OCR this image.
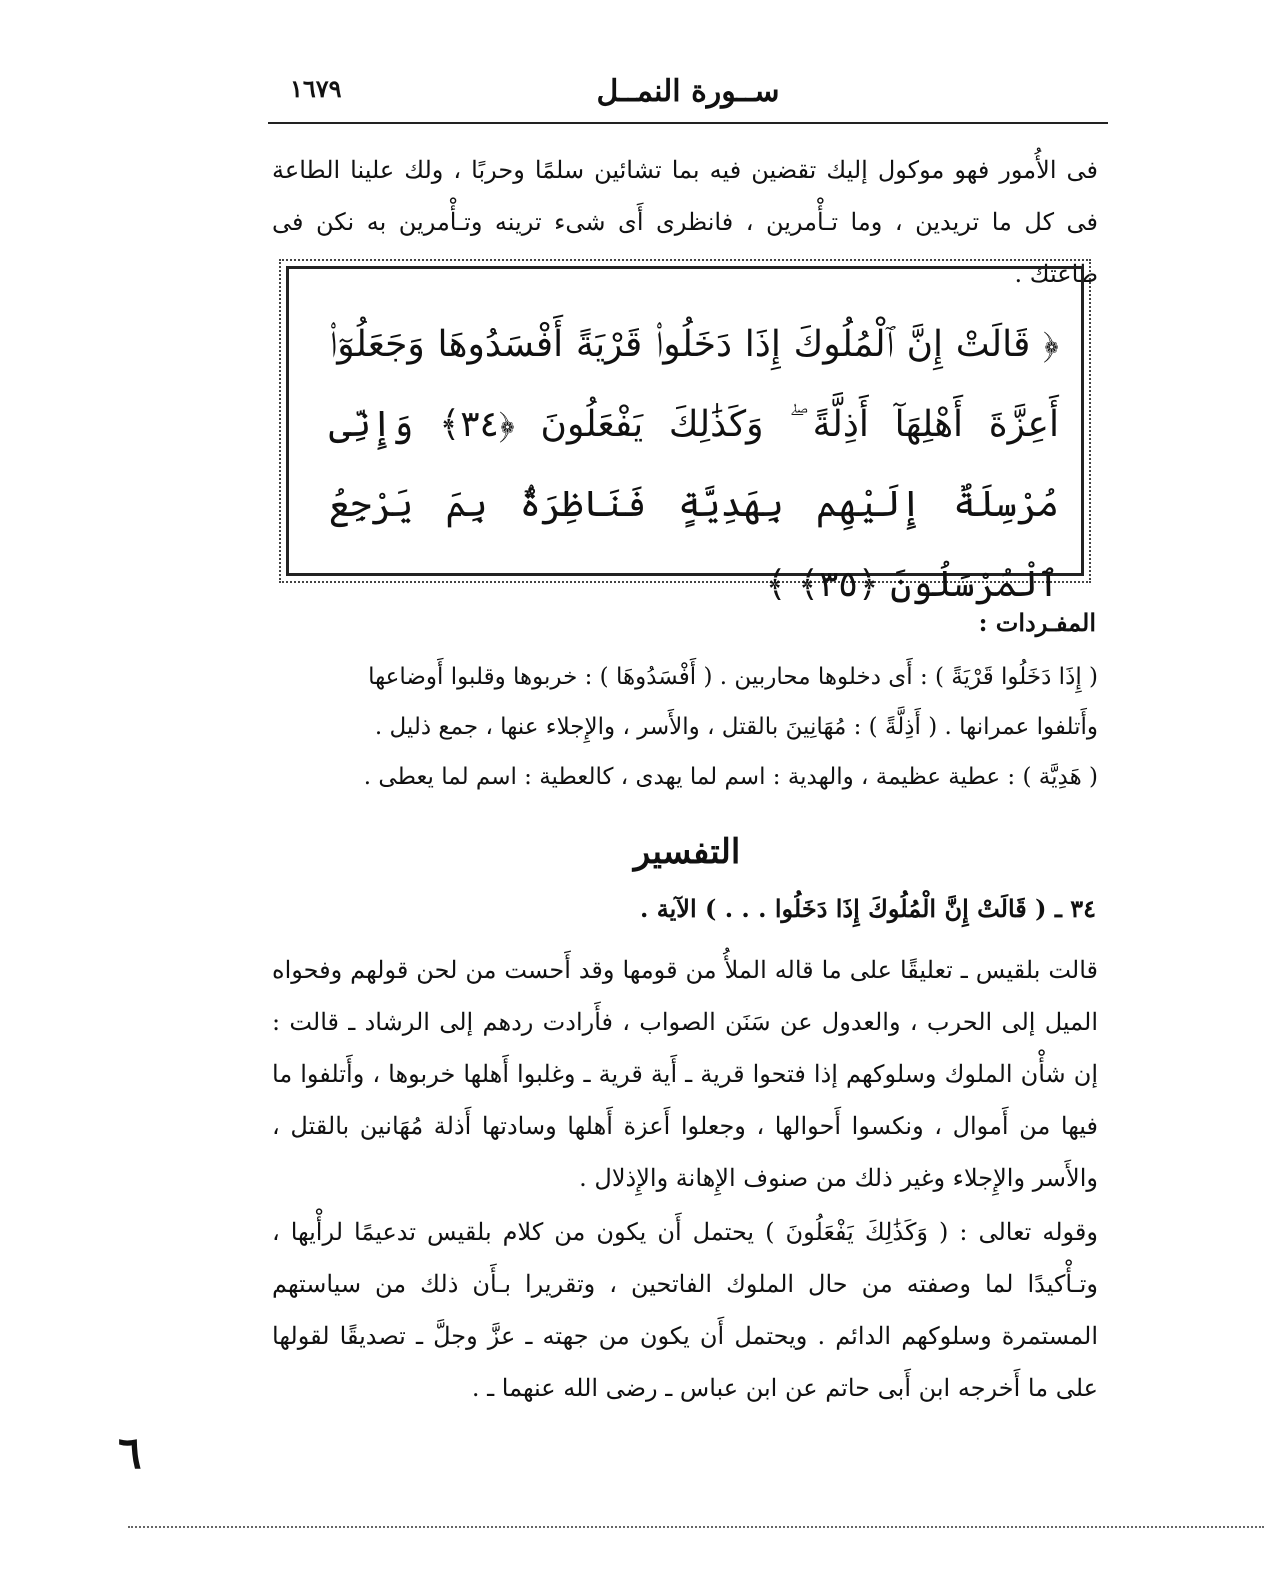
١٦٧٩	ســورة النمــل
فى الأُمور فهو موكول إليك تقضين فيه بما تشائين سلمًا وحربًا ، ولك علينا الطاعة فى كل ما تريدين ، وما تـأْمرين ، فانظرى أَى شىء ترينه وتـأْمرين به نكن فى طاعتك .
﴿ قَالَتْ إِنَّ ٱلْمُلُوكَ إِذَا دَخَلُوا۟ قَرْيَةً أَفْسَدُوهَا وَجَعَلُوٓا۟ أَعِزَّةَ أَهْلِهَآ أَذِلَّةً ۖ وَكَذَٰلِكَ يَفْعَلُونَ ﴿٣٤﴾ وَإِنِّى مُرْسِلَةٌ إِلَيْهِم بِهَدِيَّةٍ فَنَاظِرَةٌۢ بِمَ يَرْجِعُ ٱلْمُرْسَلُونَ ﴿٣٥﴾ ﴾
المفـردات :
( إِذَا دَخَلُوا قَرْيَةً ) : أَى دخلوها محاربين . ( أَفْسَدُوهَا ) : خربوها وقلبوا أَوضاعها
وأَتلفوا عمرانها . ( أَذِلَّةً ) : مُهَانِينَ بالقتل ، والأَسر ، والإِجلاء عنها ، جمع ذليل .
( هَدِيَّة ) : عطية عظيمة ، والهدية : اسم لما يهدى ، كالعطية : اسم لما يعطى .
التفسير
٣٤ ـ ( قَالَتْ إِنَّ الْمُلُوكَ إِذَا دَخَلُوا . . . ) الآية .
قالت بلقيس ـ تعليقًا على ما قاله الملأُ من قومها وقد أَحست من لحن قولهم وفحواه الميل إلى الحرب ، والعدول عن سَنَن الصواب ، فأَرادت ردهم إلى الرشاد ـ قالت : إن شأْن الملوك وسلوكهم إذا فتحوا قرية ـ أَية قرية ـ وغلبوا أَهلها خربوها ، وأَتلفوا ما فيها من أَموال ، ونكسوا أَحوالها ، وجعلوا أَعزة أَهلها وسادتها أَذلة مُهَانين بالقتل ، والأَسر والإِجلاء وغير ذلك من صنوف الإِهانة والإِذلال .
وقوله تعالى : ( وَكَذَٰلِكَ يَفْعَلُونَ ) يحتمل أَن يكون من كلام بلقيس تدعيمًا لرأْيها ، وتـأْكيدًا لما وصفته من حال الملوك الفاتحين ، وتقريرا بـأَن ذلك من سياستهم المستمرة وسلوكهم الدائم . ويحتمل أَن يكون من جهته ـ عزَّ وجلَّ ـ تصديقًا لقولها على ما أَخرجه ابن أَبى حاتم عن ابن عباس ـ رضى الله عنهما ـ .
٦
